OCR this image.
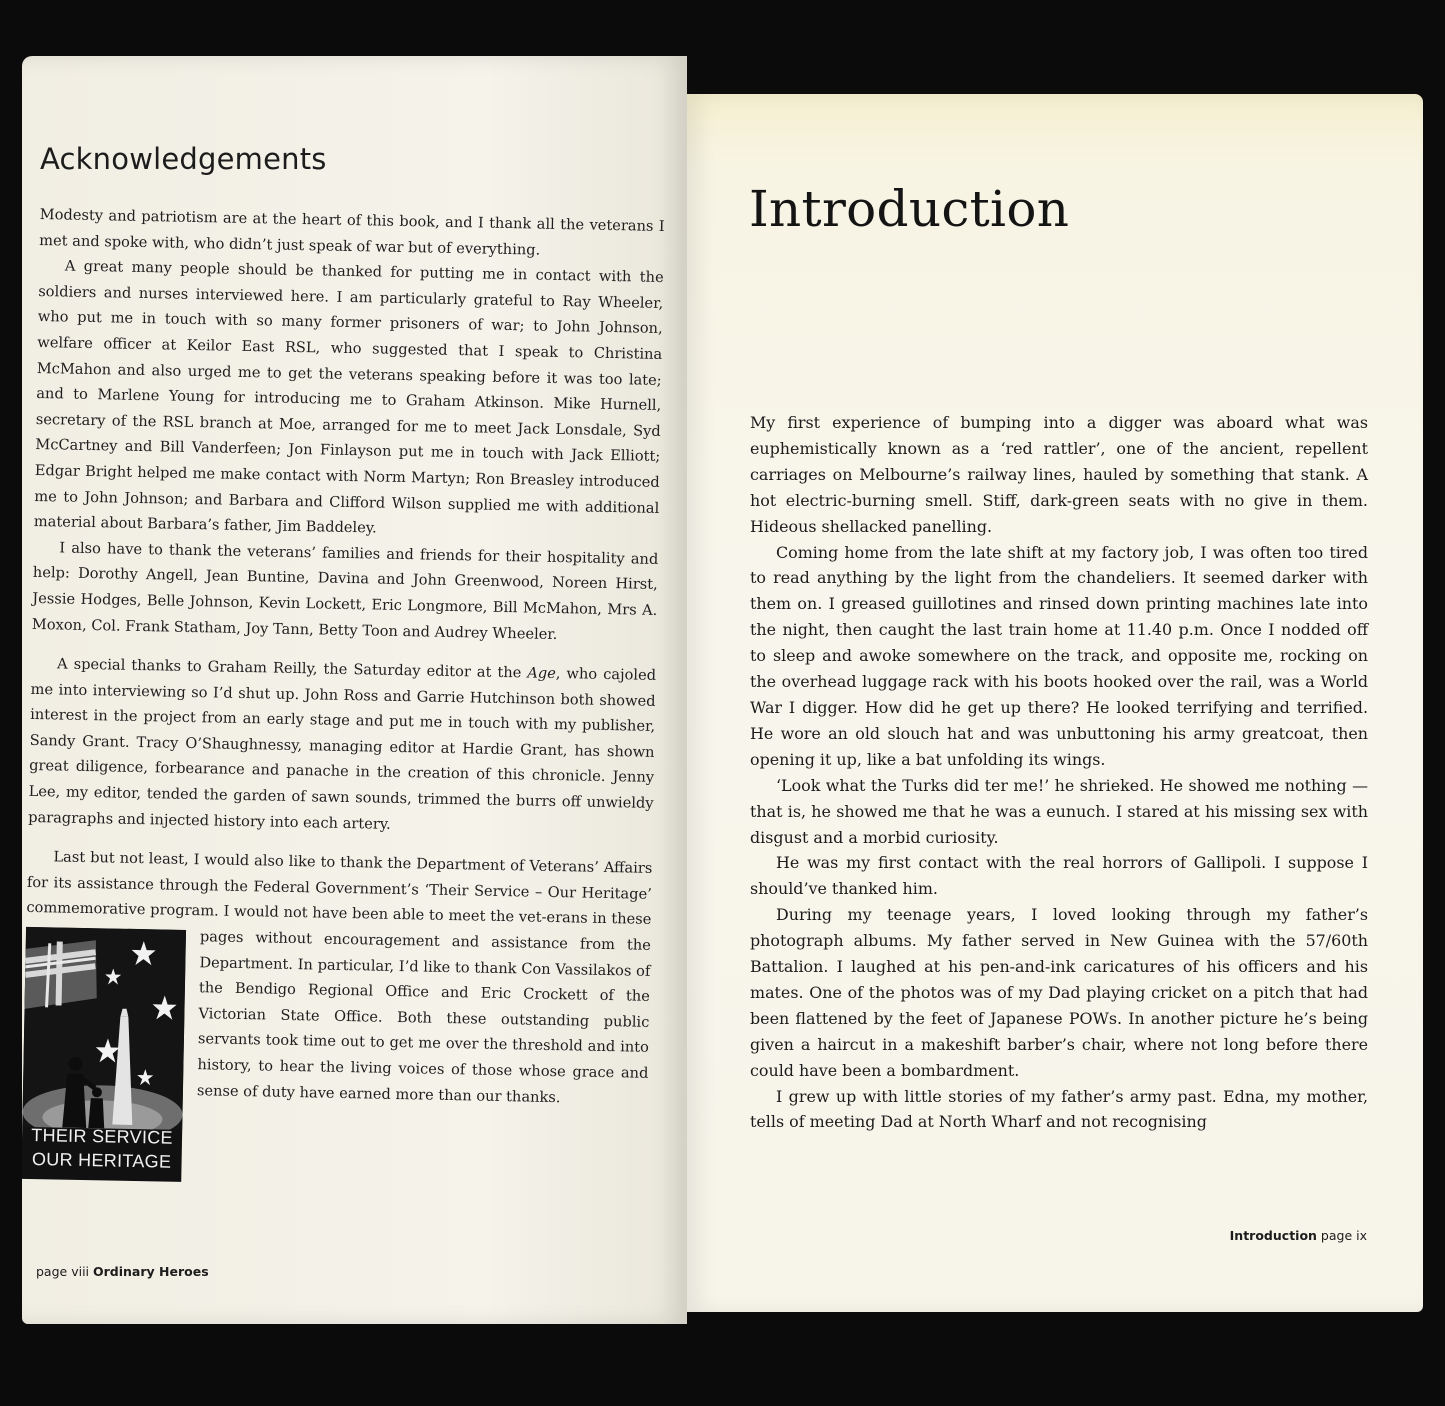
Acknowledgements

Modesty and patriotism are at the heart of this book, and I thank all the veterans I met and spoke with, who didn’t just speak of war but of everything.

A great many people should be thanked for putting me in contact with the soldiers and nurses interviewed here. I am particularly grateful to Ray Wheeler, who put me in touch with so many former prisoners of war; to John Johnson, welfare officer at Keilor East RSL, who suggested that I speak to Christina McMahon and also urged me to get the veterans speaking before it was too late; and to Marlene Young for introducing me to Graham Atkinson. Mike Hurnell, secretary of the RSL branch at Moe, arranged for me to meet Jack Lonsdale, Syd McCartney and Bill Vanderfeen; Jon Finlayson put me in touch with Jack Elliott; Edgar Bright helped me make contact with Norm Martyn; Ron Breasley introduced me to John Johnson; and Barbara and Clifford Wilson supplied me with additional material about Barbara’s father, Jim Baddeley.

I also have to thank the veterans’ families and friends for their hospitality and help: Dorothy Angell, Jean Buntine, Davina and John Greenwood, Noreen Hirst, Jessie Hodges, Belle Johnson, Kevin Lockett, Eric Longmore, Bill McMahon, Mrs A. Moxon, Col. Frank Statham, Joy Tann, Betty Toon and Audrey Wheeler.

A special thanks to Graham Reilly, the Saturday editor at the Age, who cajoled me into interviewing so I’d shut up. John Ross and Garrie Hutchinson both showed interest in the project from an early stage and put me in touch with my publisher, Sandy Grant. Tracy O’Shaughnessy, managing editor at Hardie Grant, has shown great diligence, forbearance and panache in the creation of this chronicle. Jenny Lee, my editor, tended the garden of sawn sounds, trimmed the burrs off unwieldy paragraphs and injected history into each artery.

Last but not least, I would also like to thank the Department of Veterans’ Affairs for its assistance through the Federal Government’s ‘Their Service – Our Heritage’ commemorative program. I would not have been able to meet the vet-
THEIR SERVICE
OUR HERITAGE
erans in these pages without encouragement and assistance from the Department. In particular, I’d like to thank Con Vassilakos of the Bendigo Regional Office and Eric Crockett of the Victorian State Office. Both these outstanding public servants took time out to get me over the threshold and into history, to hear the living voices of those whose grace and sense of duty have earned more than our thanks.

page viii Ordinary Heroes
Introduction

My first experience of bumping into a digger was aboard what was euphemistically known as a ‘red rattler’, one of the ancient, repellent carriages on Melbourne’s railway lines, hauled by something that stank. A hot electric-burning smell. Stiff, dark-green seats with no give in them. Hideous shellacked panelling.

Coming home from the late shift at my factory job, I was often too tired to read anything by the light from the chandeliers. It seemed darker with them on. I greased guillotines and rinsed down printing machines late into the night, then caught the last train home at 11.40 p.m. Once I nodded off to sleep and awoke somewhere on the track, and opposite me, rocking on the overhead luggage rack with his boots hooked over the rail, was a World War I digger. How did he get up there? He looked terrifying and terrified. He wore an old slouch hat and was unbuttoning his army greatcoat, then opening it up, like a bat unfolding its wings.

‘Look what the Turks did ter me!’ he shrieked. He showed me nothing — that is, he showed me that he was a eunuch. I stared at his missing sex with disgust and a morbid curiosity.

He was my first contact with the real horrors of Gallipoli. I suppose I should’ve thanked him.

During my teenage years, I loved looking through my father’s photograph albums. My father served in New Guinea with the 57/60th Battalion. I laughed at his pen-and-ink caricatures of his officers and his mates. One of the photos was of my Dad playing cricket on a pitch that had been flattened by the feet of Japanese POWs. In another picture he’s being given a haircut in a makeshift barber’s chair, where not long before there could have been a bombardment.

I grew up with little stories of my father’s army past. Edna, my mother, tells of meeting Dad at North Wharf and not recognising

Introduction page ix
